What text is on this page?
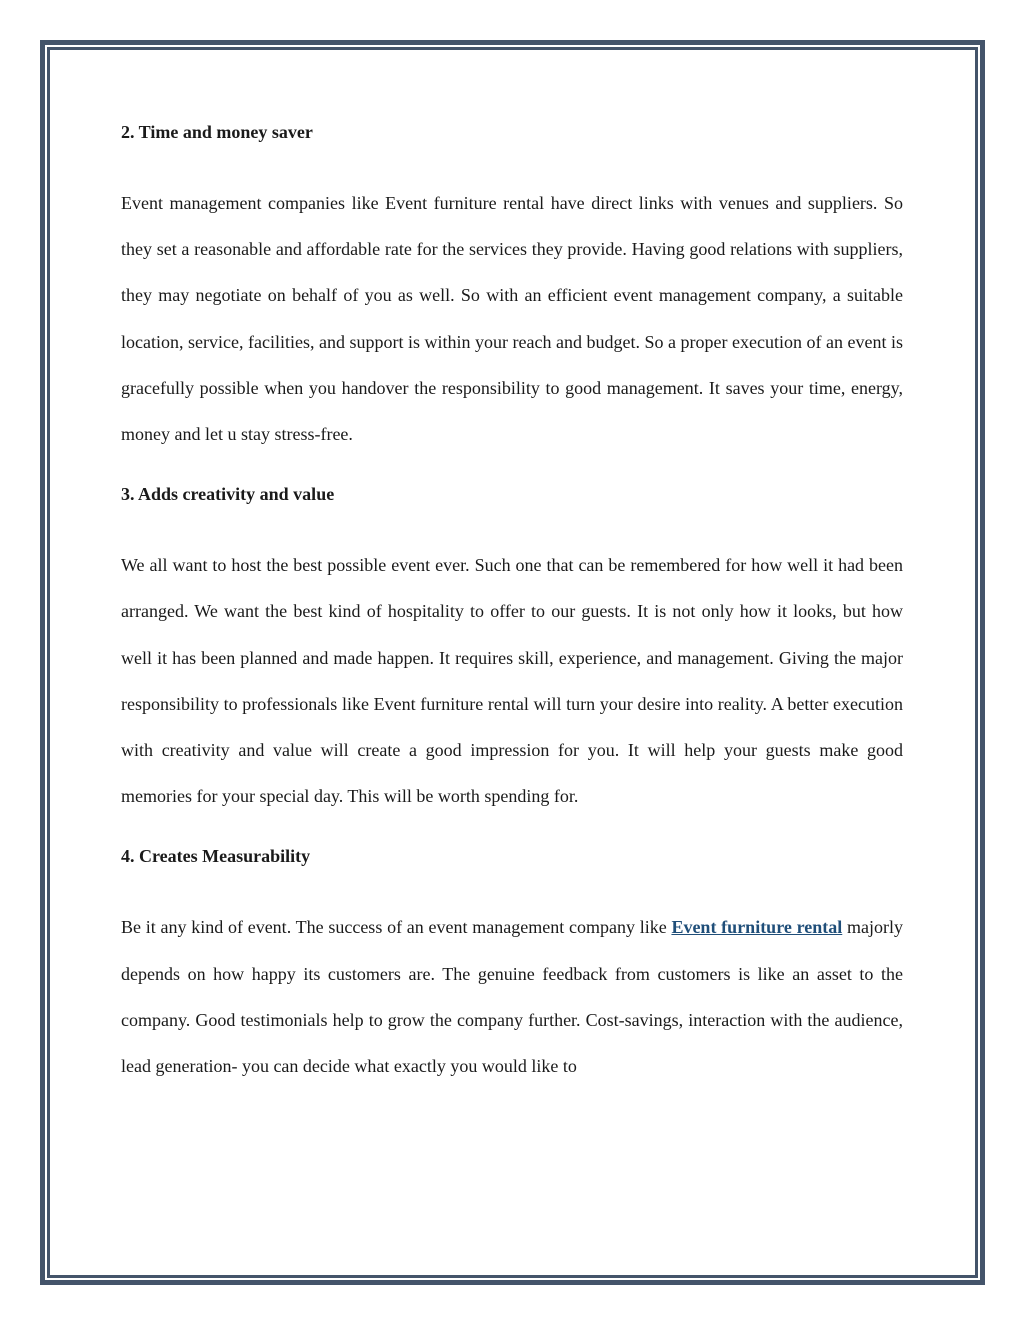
2. Time and money saver

Event management companies like Event furniture rental have direct links with venues and suppliers. So they set a reasonable and affordable rate for the services they provide. Having good relations with suppliers, they may negotiate on behalf of you as well. So with an efficient event management company, a suitable location, service, facilities, and support is within your reach and budget. So a proper execution of an event is gracefully possible when you handover the responsibility to good management. It saves your time, energy, money and let u stay stress-free.

3. Adds creativity and value

We all want to host the best possible event ever. Such one that can be remembered for how well it had been arranged. We want the best kind of hospitality to offer to our guests. It is not only how it looks, but how well it has been planned and made happen. It requires skill, experience, and management. Giving the major responsibility to professionals like Event furniture rental will turn your desire into reality. A better execution with creativity and value will create a good impression for you. It will help your guests make good memories for your special day. This will be worth spending for.

4. Creates Measurability

Be it any kind of event. The success of an event management company like Event furniture rental majorly depends on how happy its customers are. The genuine feedback from customers is like an asset to the company. Good testimonials help to grow the company further. Cost-savings, interaction with the audience, lead generation- you can decide what exactly you would like to
